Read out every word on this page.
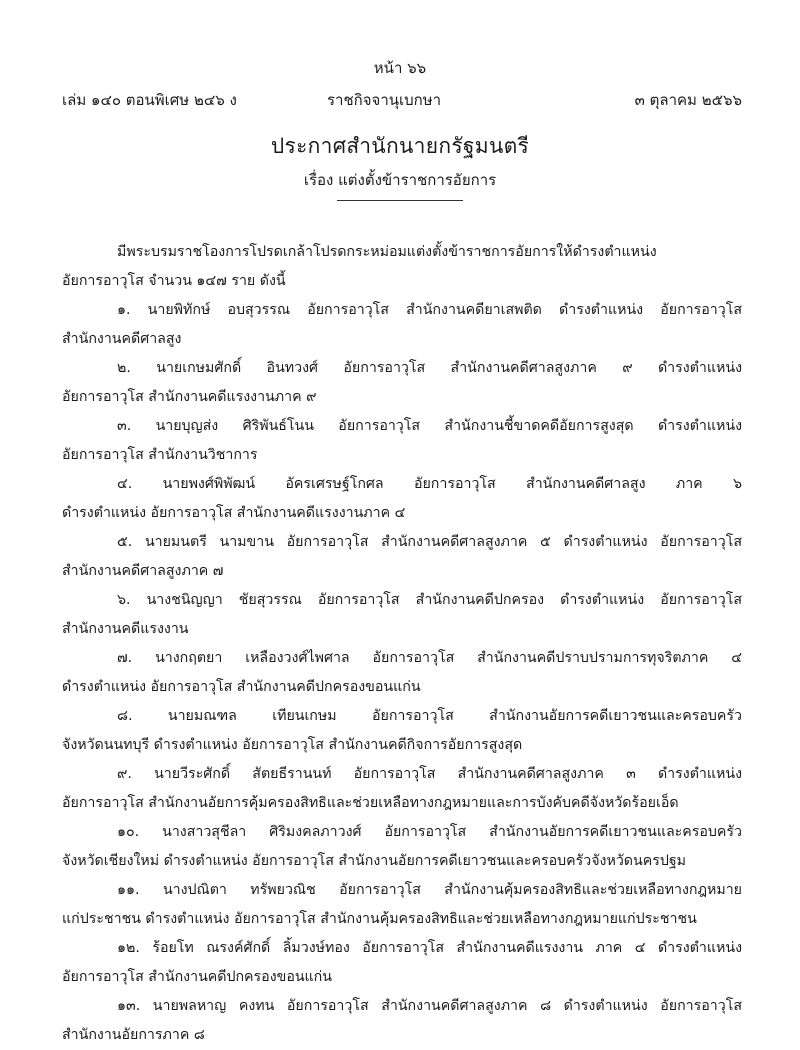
หน้า ๖๖
เล่ม ๑๔๐ ตอนพิเศษ ๒๔๖ ง	ราชกิจจานุเบกษา	๓ ตุลาคม ๒๕๖๖
ประกาศสำนักนายกรัฐมนตรี
เรื่อง แต่งตั้งข้าราชการอัยการ

มีพระบรมราชโองการโปรดเกล้าโปรดกระหม่อมแต่งตั้งข้าราชการอัยการให้ดำรงตำแหน่ง

อัยการอาวุโส จำนวน ๑๔๗ ราย ดังนี้

๑. นายพิทักษ์ อบสุวรรณ อัยการอาวุโส สำนักงานคดียาเสพติด ดำรงตำแหน่ง อัยการอาวุโส

สำนักงานคดีศาลสูง

๒. นายเกษมศักดิ์ อินทวงศ์ อัยการอาวุโส สำนักงานคดีศาลสูงภาค ๙ ดำรงตำแหน่ง

อัยการอาวุโส สำนักงานคดีแรงงานภาค ๙

๓. นายบุญส่ง ศิริพันธ์โนน อัยการอาวุโส สำนักงานชี้ขาดคดีอัยการสูงสุด ดำรงตำแหน่ง

อัยการอาวุโส สำนักงานวิชาการ

๔. นายพงศ์พิพัฒน์ อัครเศรษฐ์โกศล อัยการอาวุโส สำนักงานคดีศาลสูง ภาค ๖

ดำรงตำแหน่ง อัยการอาวุโส สำนักงานคดีแรงงานภาค ๔

๕. นายมนตรี นามขาน อัยการอาวุโส สำนักงานคดีศาลสูงภาค ๕ ดำรงตำแหน่ง อัยการอาวุโส

สำนักงานคดีศาลสูงภาค ๗

๖. นางชนิญญา ชัยสุวรรณ อัยการอาวุโส สำนักงานคดีปกครอง ดำรงตำแหน่ง อัยการอาวุโส

สำนักงานคดีแรงงาน

๗. นางกฤตยา เหลืองวงศ์ไพศาล อัยการอาวุโส สำนักงานคดีปราบปรามการทุจริตภาค ๔

ดำรงตำแหน่ง อัยการอาวุโส สำนักงานคดีปกครองขอนแก่น

๘. นายมณฑล เทียนเกษม อัยการอาวุโส สำนักงานอัยการคดีเยาวชนและครอบครัว

จังหวัดนนทบุรี ดำรงตำแหน่ง อัยการอาวุโส สำนักงานคดีกิจการอัยการสูงสุด

๙. นายวีระศักดิ์ สัตยธีรานนท์ อัยการอาวุโส สำนักงานคดีศาลสูงภาค ๓ ดำรงตำแหน่ง

อัยการอาวุโส สำนักงานอัยการคุ้มครองสิทธิและช่วยเหลือทางกฎหมายและการบังคับคดีจังหวัดร้อยเอ็ด

๑๐. นางสาวสุชีลา ศิริมงคลภาวงศ์ อัยการอาวุโส สำนักงานอัยการคดีเยาวชนและครอบครัว

จังหวัดเชียงใหม่ ดำรงตำแหน่ง อัยการอาวุโส สำนักงานอัยการคดีเยาวชนและครอบครัวจังหวัดนครปฐม

๑๑. นางปณิตา ทรัพยวณิช อัยการอาวุโส สำนักงานคุ้มครองสิทธิและช่วยเหลือทางกฎหมาย

แก่ประชาชน ดำรงตำแหน่ง อัยการอาวุโส สำนักงานคุ้มครองสิทธิและช่วยเหลือทางกฎหมายแก่ประชาชน

๑๒. ร้อยโท ณรงค์ศักดิ์ ลิ้มวงษ์ทอง อัยการอาวุโส สำนักงานคดีแรงงาน ภาค ๔ ดำรงตำแหน่ง

อัยการอาวุโส สำนักงานคดีปกครองขอนแก่น

๑๓. นายพลหาญ คงทน อัยการอาวุโส สำนักงานคดีศาลสูงภาค ๘ ดำรงตำแหน่ง อัยการอาวุโส

สำนักงานอัยการภาค ๘
